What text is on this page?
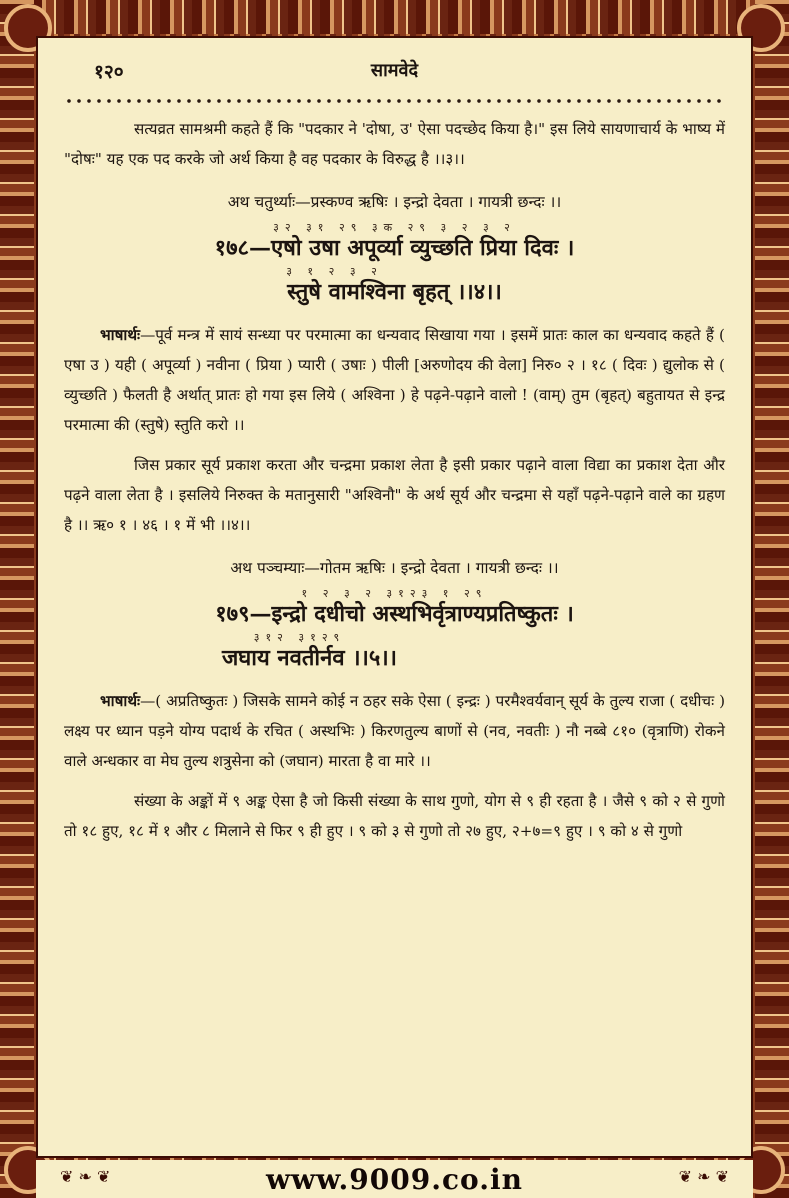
१२०	सामवेदे

सत्यव्रत सामश्रमी कहते हैं कि "पदकार ने 'दोषा, उ' ऐसा पदच्छेद किया है।" इस लिये सायणाचार्य के भाष्य में "दोषः" यह एक पद करके जो अर्थ किया है वह पदकार के विरुद्ध है ।।३।।

अथ चतुर्थ्याः—प्रस्कण्व ऋषिः । इन्द्रो देवता । गायत्री छन्दः ।।
३२ ३१ २९ ३क २९ ३ २ ३ २
१७८—एषो उषा अपूर्व्या व्युच्छति प्रिया दिवः ।
३ १ २ ३ २
स्तुषे वामश्विना बृहत् ।।४।।

भाषार्थः—पूर्व मन्त्र में सायं सन्ध्या पर परमात्मा का धन्यवाद सिखाया गया । इसमें प्रातः काल का धन्यवाद कहते हैं ( एषा उ ) यही ( अपूर्व्या ) नवीना ( प्रिया ) प्यारी ( उषाः ) पीली [अरुणोदय की वेला] निरु० २ । १८ ( दिवः ) द्युलोक से ( व्युच्छति ) फैलती है अर्थात् प्रातः हो गया इस लिये ( अश्विना ) हे पढ़ने-पढ़ाने वालो ! (वाम्) तुम (बृहत्) बहुतायत से इन्द्र परमात्मा की (स्तुषे) स्तुति करो ।।

जिस प्रकार सूर्य प्रकाश करता और चन्द्रमा प्रकाश लेता है इसी प्रकार पढ़ाने वाला विद्या का प्रकाश देता और पढ़ने वाला लेता है । इसलिये निरुक्त के मतानुसारी "अश्विनौ" के अर्थ सूर्य और चन्द्रमा से यहाँ पढ़ने-पढ़ाने वाले का ग्रहण है ।। ऋ० १ । ४६ । १ में भी ।।४।।

अथ पञ्चम्याः—गोतम ऋषिः । इन्द्रो देवता । गायत्री छन्दः ।।
१ २ ३ २ ३१२३ १ २९
१७९—इन्द्रो दधीचो अस्थभिर्वृत्राण्यप्रतिष्कुतः ।
३१२ ३१२९
जघाय नवतीर्नव ।।५।।

भाषार्थः—( अप्रतिष्कुतः ) जिसके सामने कोई न ठहर सके ऐसा ( इन्द्रः ) परमैश्वर्यवान् सूर्य के तुल्य राजा ( दधीचः ) लक्ष्य पर ध्यान पड़ने योग्य पदार्थ के रचित ( अस्थभिः ) किरणतुल्य बाणों से (नव, नवतीः ) नौ नब्बे ८१० (वृत्राणि) रोकने वाले अन्धकार वा मेघ तुल्य शत्रुसेना को (जघान) मारता है वा मारे ।।

संख्या के अङ्कों में ९ अङ्क ऐसा है जो किसी संख्या के साथ गुणो, योग से ९ ही रहता है । जैसे ९ को २ से गुणो तो १८ हुए, १८ में १ और ८ मिलाने से फिर ९ ही हुए । ९ को ३ से गुणो तो २७ हुए, २+७=९ हुए । ९ को ४ से गुणो

❦ ❧ ❦	❦ ❧ ❦
www.9009.co.in
